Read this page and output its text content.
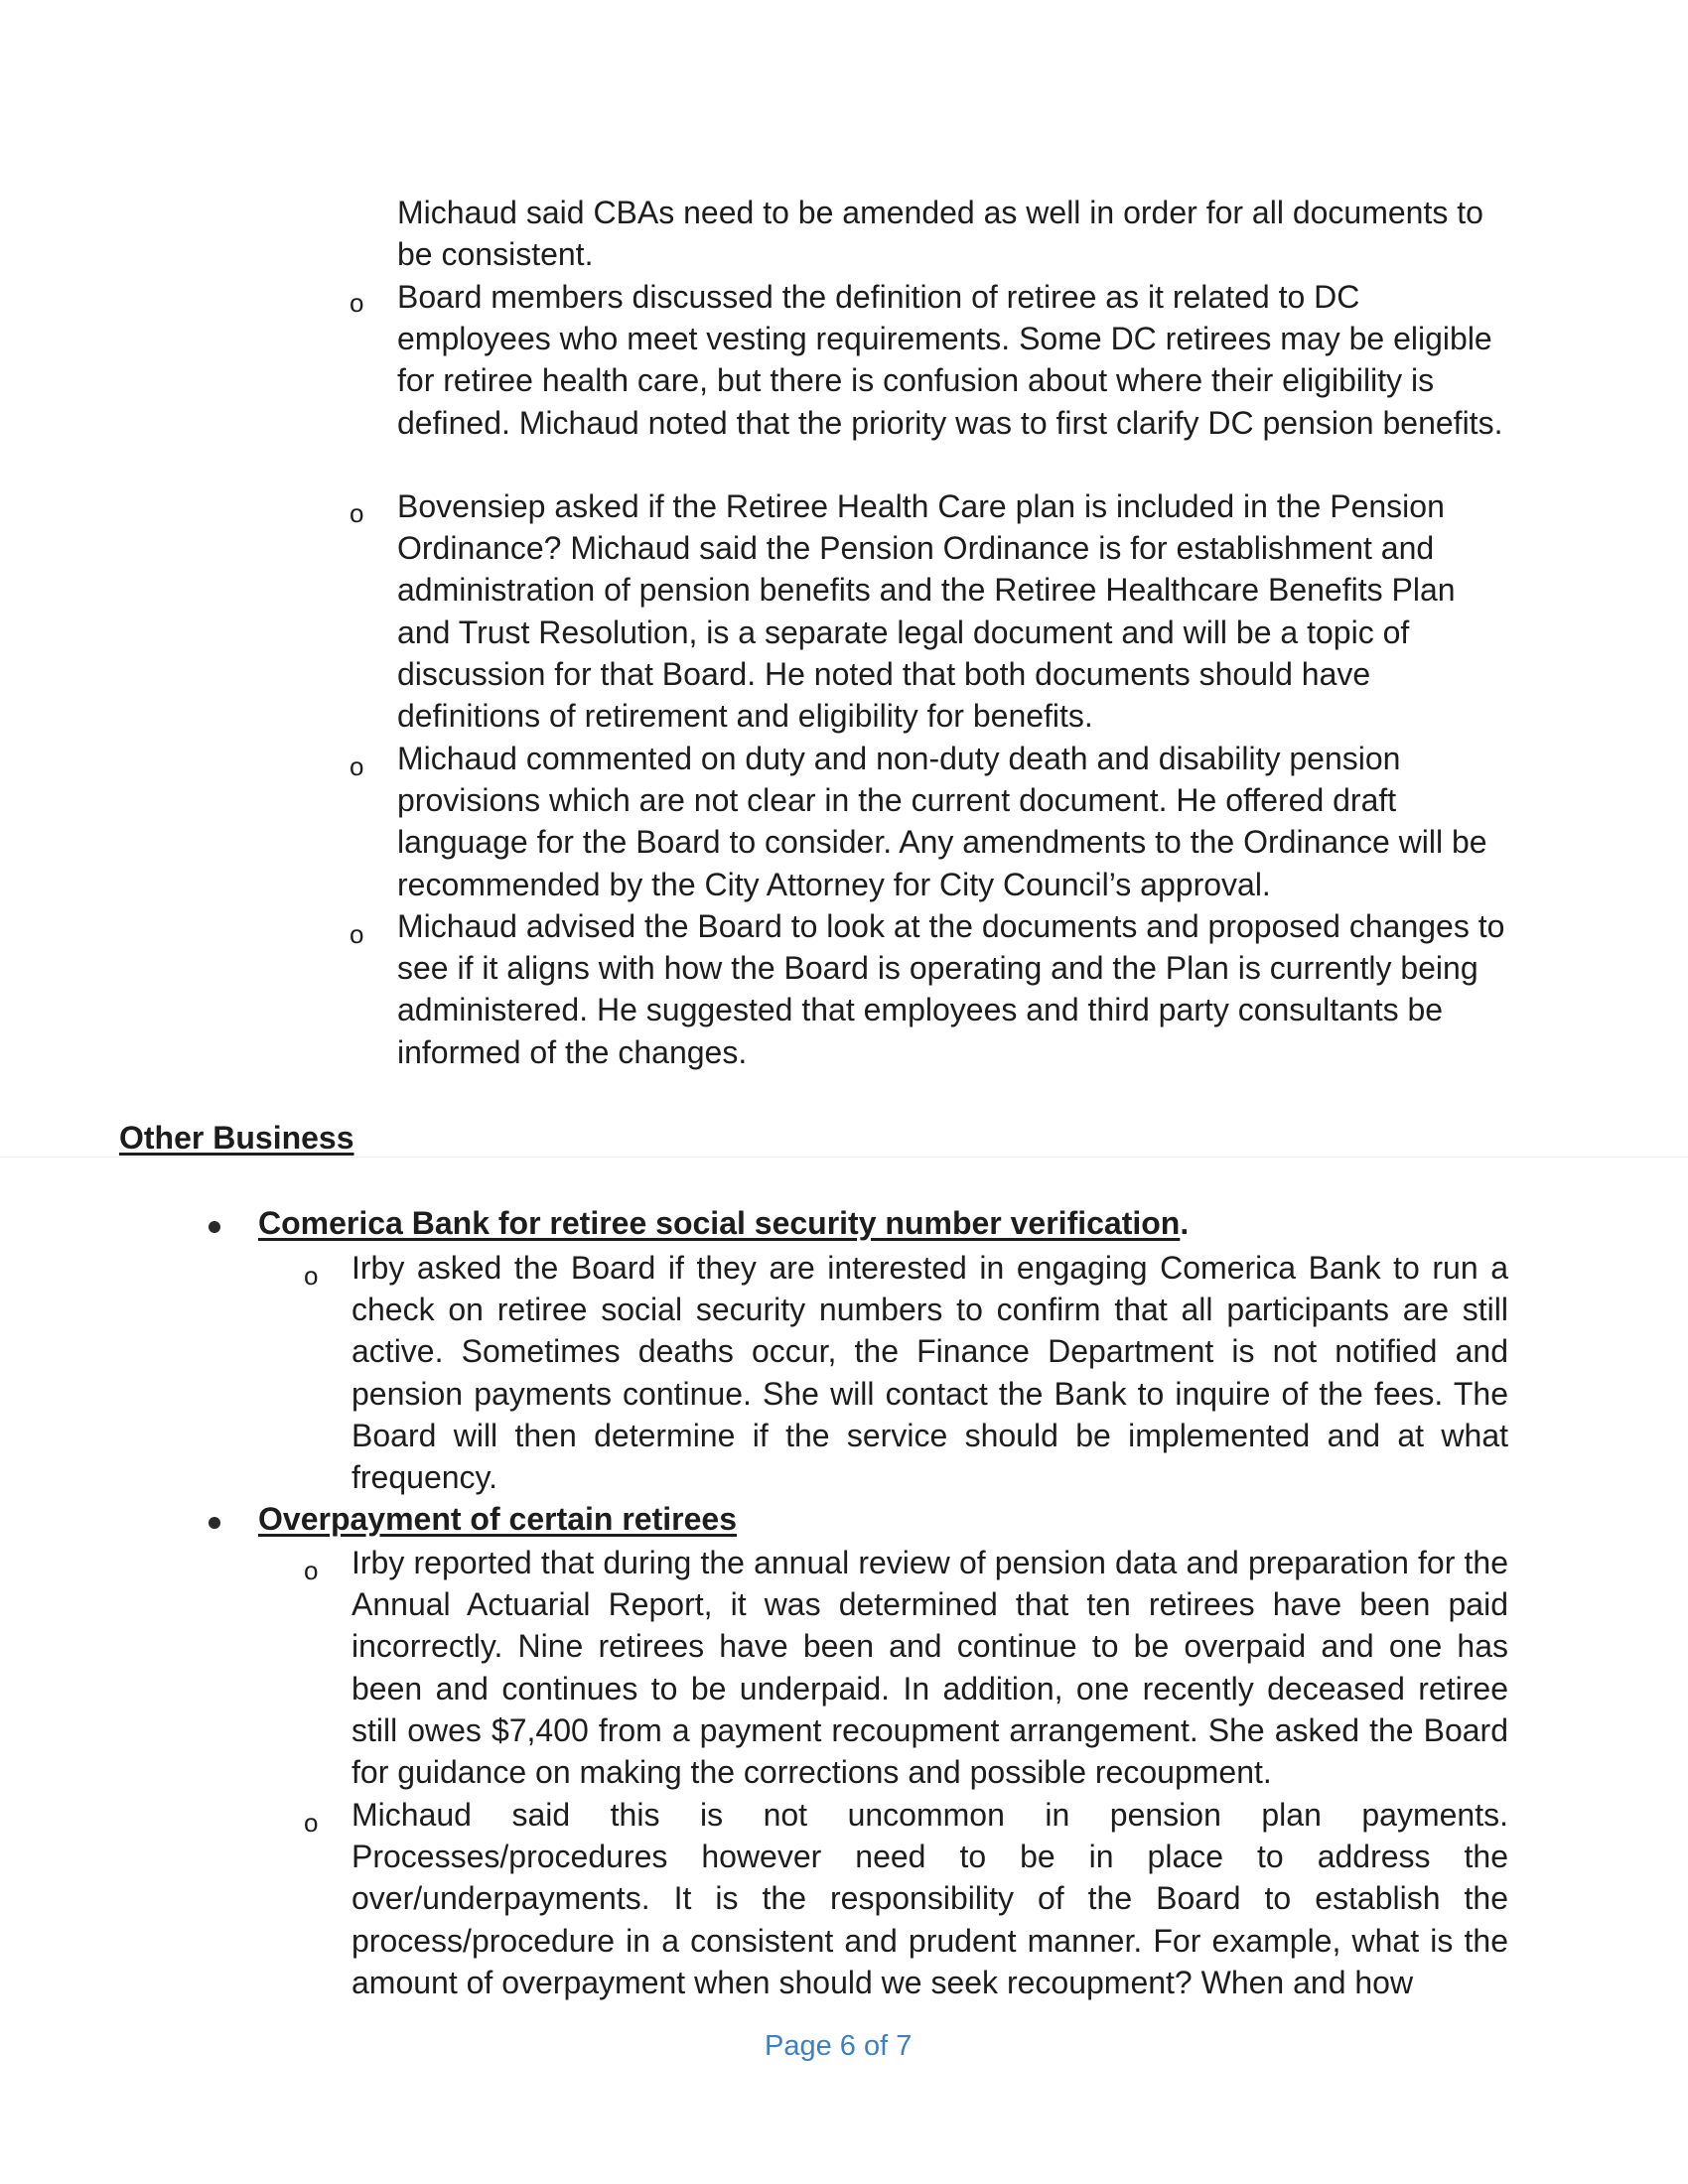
Michaud said CBAs need to be amended as well in order for all documents to be consistent.
o Board members discussed the definition of retiree as it related to DC employees who meet vesting requirements. Some DC retirees may be eligible for retiree health care, but there is confusion about where their eligibility is defined. Michaud noted that the priority was to first clarify DC pension benefits.
o Bovensiep asked if the Retiree Health Care plan is included in the Pension Ordinance? Michaud said the Pension Ordinance is for establishment and administration of pension benefits and the Retiree Healthcare Benefits Plan and Trust Resolution, is a separate legal document and will be a topic of discussion for that Board. He noted that both documents should have definitions of retirement and eligibility for benefits.
o Michaud commented on duty and non-duty death and disability pension provisions which are not clear in the current document. He offered draft language for the Board to consider. Any amendments to the Ordinance will be recommended by the City Attorney for City Council’s approval.
o Michaud advised the Board to look at the documents and proposed changes to see if it aligns with how the Board is operating and the Plan is currently being administered. He suggested that employees and third party consultants be informed of the changes.
Other Business
Comerica Bank for retiree social security number verification.
o Irby asked the Board if they are interested in engaging Comerica Bank to run a check on retiree social security numbers to confirm that all participants are still active. Sometimes deaths occur, the Finance Department is not notified and pension payments continue. She will contact the Bank to inquire of the fees. The Board will then determine if the service should be implemented and at what frequency.
Overpayment of certain retirees
o Irby reported that during the annual review of pension data and preparation for the Annual Actuarial Report, it was determined that ten retirees have been paid incorrectly. Nine retirees have been and continue to be overpaid and one has been and continues to be underpaid. In addition, one recently deceased retiree still owes $7,400 from a payment recoupment arrangement. She asked the Board for guidance on making the corrections and possible recoupment.
o Michaud said this is not uncommon in pension plan payments. Processes/procedures however need to be in place to address the over/underpayments. It is the responsibility of the Board to establish the process/procedure in a consistent and prudent manner. For example, what is the amount of overpayment when should we seek recoupment? When and how
Page 6 of 7
